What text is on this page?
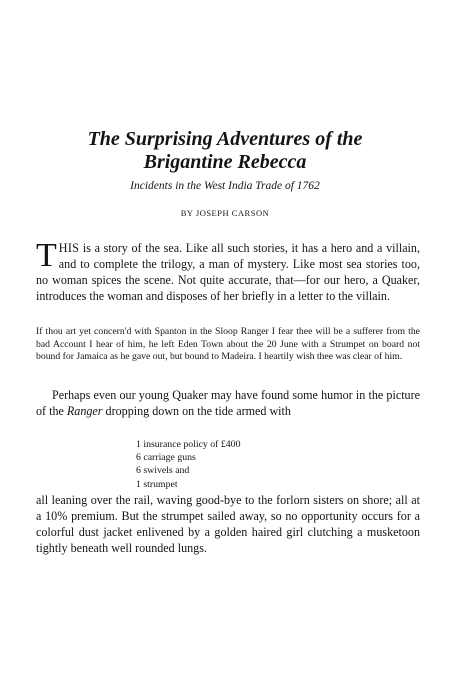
The Surprising Adventures of the
Brigantine Rebecca

Incidents in the West India Trade of 1762

BY JOSEPH CARSON

THIS is a story of the sea. Like all such stories, it has a hero and a villain, and to complete the trilogy, a man of mystery. Like most sea stories too, no woman spices the scene. Not quite accurate, that—for our hero, a Quaker, introduces the woman and disposes of her briefly in a letter to the villain.

If thou art yet concern'd with Spanton in the Sloop Ranger I fear thee will be a sufferer from the bad Account I hear of him, he left Eden Town about the 20 June with a Strumpet on board not bound for Jamaica as he gave out, but bound to Madeira. I heartily wish thee was clear of him.

Perhaps even our young Quaker may have found some humor in the picture of the Ranger dropping down on the tide armed with

1 insurance policy of £400
6 carriage guns
6 swivels and
1 strumpet

all leaning over the rail, waving good-bye to the forlorn sisters on shore; all at a 10% premium. But the strumpet sailed away, so no opportunity occurs for a colorful dust jacket enlivened by a golden haired girl clutching a musketoon tightly beneath well rounded lungs.
